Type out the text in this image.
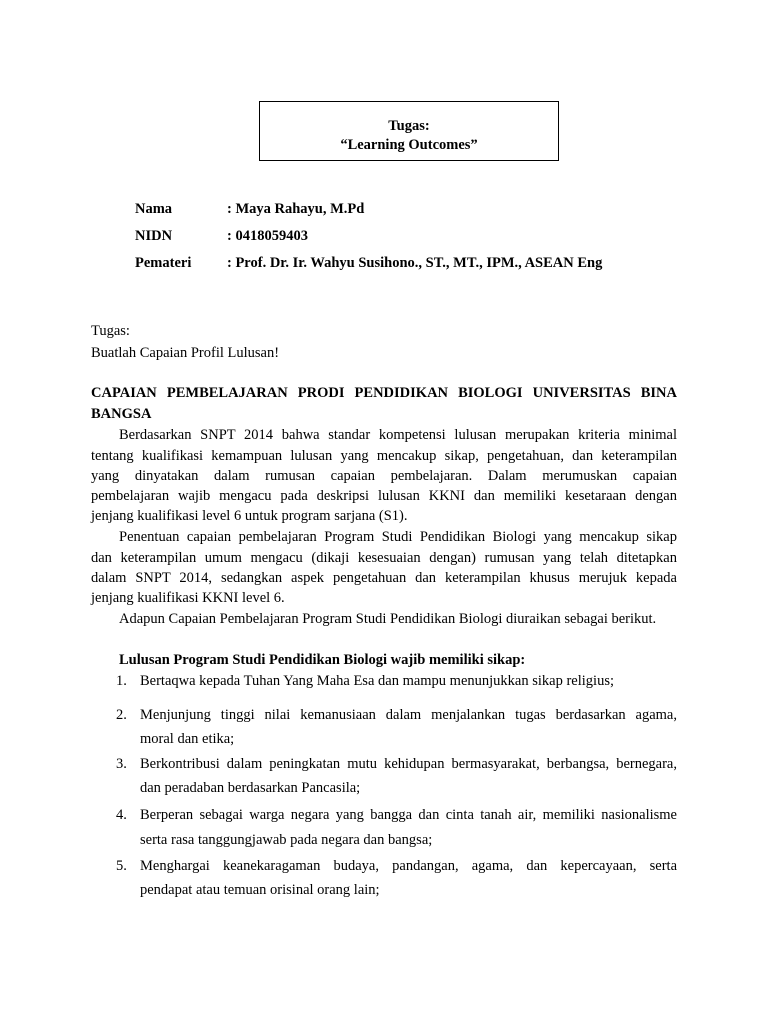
Tugas:
“Learning Outcomes”
Nama	: Maya Rahayu, M.Pd
NIDN	: 0418059403
Pemateri : Prof. Dr. Ir. Wahyu Susihono., ST., MT., IPM., ASEAN Eng
Tugas:
Buatlah Capaian Profil Lulusan!
CAPAIAN PEMBELAJARAN PRODI PENDIDIKAN BIOLOGI UNIVERSITAS BINA
BANGSA
Berdasarkan SNPT 2014 bahwa standar kompetensi lulusan merupakan kriteria minimal
tentang kualifikasi kemampuan lulusan yang mencakup sikap, pengetahuan, dan keterampilan
yang dinyatakan dalam rumusan capaian pembelajaran. Dalam merumuskan capaian
pembelajaran wajib mengacu pada deskripsi lulusan KKNI dan memiliki kesetaraan dengan
jenjang kualifikasi level 6 untuk program sarjana (S1).
Penentuan capaian pembelajaran Program Studi Pendidikan Biologi yang mencakup sikap
dan keterampilan umum mengacu (dikaji kesesuaian dengan) rumusan yang telah ditetapkan
dalam SNPT 2014, sedangkan aspek pengetahuan dan keterampilan khusus merujuk kepada
jenjang kualifikasi KKNI level 6.
Adapun Capaian Pembelajaran Program Studi Pendidikan Biologi diuraikan sebagai berikut.
Lulusan Program Studi Pendidikan Biologi wajib memiliki sikap:
1. Bertaqwa kepada Tuhan Yang Maha Esa dan mampu menunjukkan sikap religius;
2. Menjunjung tinggi nilai kemanusiaan dalam menjalankan tugas berdasarkan agama,
moral dan etika;
3. Berkontribusi dalam peningkatan mutu kehidupan bermasyarakat, berbangsa, bernegara,
dan peradaban berdasarkan Pancasila;
4. Berperan sebagai warga negara yang bangga dan cinta tanah air, memiliki nasionalisme
serta rasa tanggungjawab pada negara dan bangsa;
5. Menghargai keanekaragaman budaya, pandangan, agama, dan kepercayaan, serta
pendapat atau temuan orisinal orang lain;
